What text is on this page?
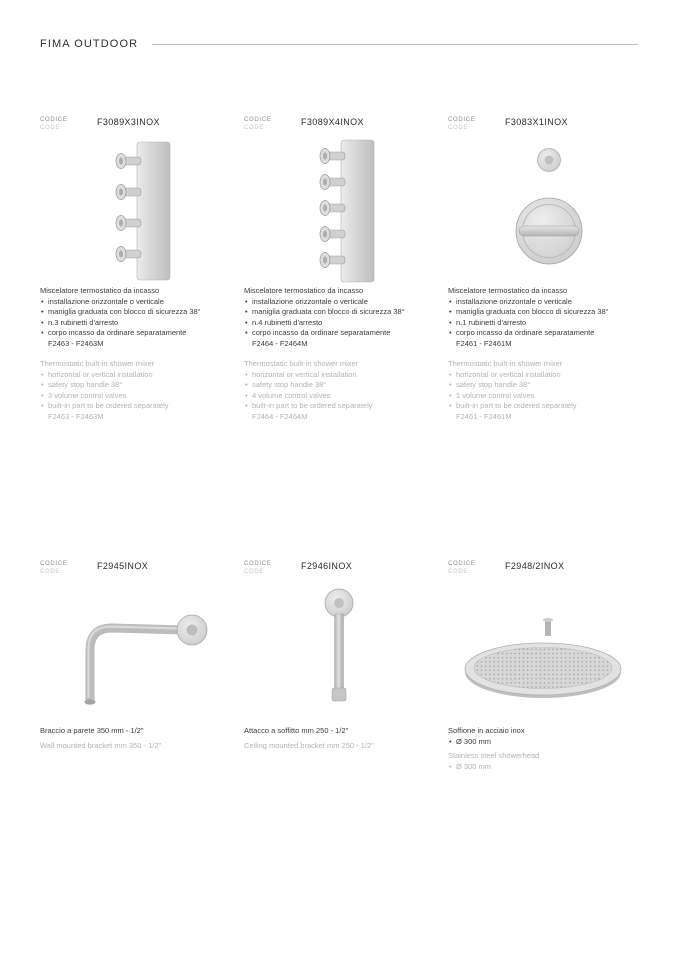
FIMA OUTDOOR
CODICE
CODE
F3089X3INOX
Miscelatore termostatico da incasso
• installazione orizzontale o verticale
• maniglia graduata con blocco di sicurezza 38°
• n.3 rubinetti d'arresto
• corpo incasso da ordinare separatamente
F2463 - F2463M
Thermostatic built-in shower mixer
• horizontal or vertical installation
• safety stop handle 38°
• 3 volume control valves
• built-in part to be ordered separately
F2463 - F2463M
CODICE
CODE
F3089X4INOX
Miscelatore termostatico da incasso
• installazione orizzontale o verticale
• maniglia graduata con blocco di sicurezza 38°
• n.4 rubinetti d'arresto
• corpo incasso da ordinare separatamente
F2464 - F2464M
Thermostatic built-in shower mixer
• horizontal or vertical installation
• safety stop handle 38°
• 4 volume control valves
• built-in part to be ordered separately
F2464 - F2464M
CODICE
CODE
F3083X1INOX
Miscelatore termostatico da incasso
• installazione orizzontale o verticale
• maniglia graduata con blocco di sicurezza 38°
• n.1 rubinetti d'arresto
• corpo incasso da ordinare separatamente
F2461 - F2461M
Thermostatic built-in shower mixer
• horizontal or vertical installation
• safety stop handle 38°
• 1 volume control valves
• built-in part to be ordered separately
F2461 - F2461M
CODICE
CODE
F2945INOX
Braccio a parete 350 mm - 1/2"
Wall mounted bracket mm 350 - 1/2"
CODICE
CODE
F2946INOX
Attacco a soffitto mm 250 - 1/2"
Ceiling mounted bracket mm 250 - 1/2"
CODICE
CODE
F2948/2INOX
Soffione in acciaio inox
• Ø 300 mm
Stainless steel showerhead
• Ø 300 mm
